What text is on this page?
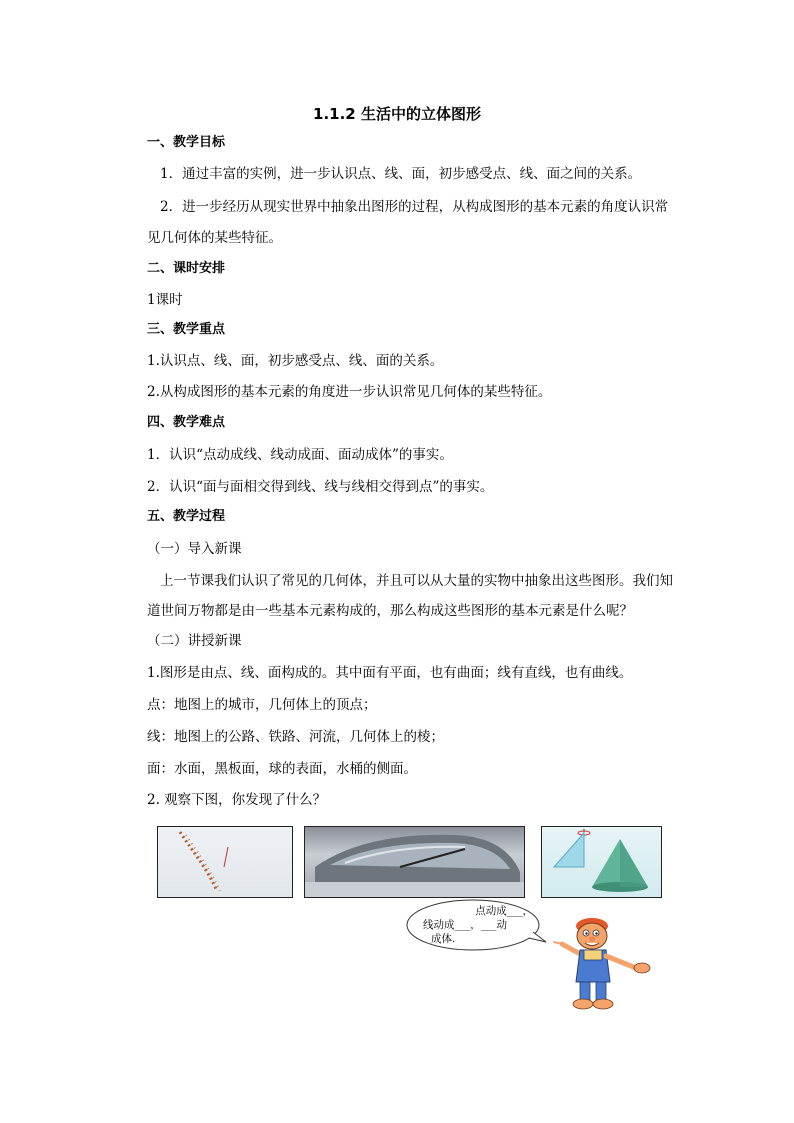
1.1.2 生活中的立体图形
一、教学目标
1．通过丰富的实例，进一步认识点、线、面，初步感受点、线、面之间的关系。
2．进一步经历从现实世界中抽象出图形的过程，从构成图形的基本元素的角度认识常
见几何体的某些特征。
二、课时安排
1课时
三、教学重点
1.认识点、线、面，初步感受点、线、面的关系。
2.从构成图形的基本元素的角度进一步认识常见几何体的某些特征。
四、教学难点
1．认识“点动成线、线动成面、面动成体”的事实。
2．认识“面与面相交得到线、线与线相交得到点”的事实。
五、教学过程
（一）导入新课
上一节课我们认识了常见的几何体，并且可以从大量的实物中抽象出这些图形。我们知
道世间万物都是由一些基本元素构成的，那么构成这些图形的基本元素是什么呢？
（二）讲授新课
1.图形是由点、线、面构成的。其中面有平面，也有曲面；线有直线，也有曲线。
点：地图上的城市，几何体上的顶点；
线：地图上的公路、铁路、河流，几何体上的棱；
面：水面，黑板面，球的表面，水桶的侧面。
2. 观察下图，你发现了什么？
点动成___，
线动成___，___动
成体.
